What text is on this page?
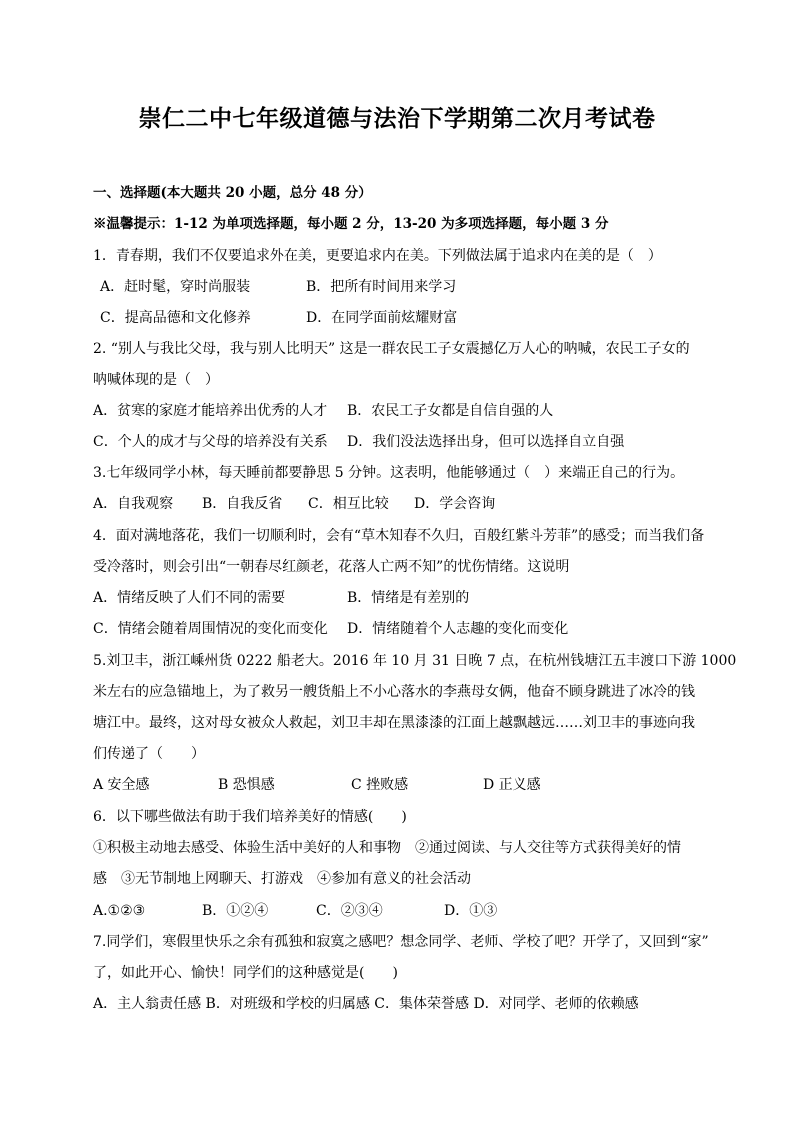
崇仁二中七年级道德与法治下学期第二次月考试卷
一、选择题(本大题共 20 小题，总分 48 分）
※温馨提示：1-12 为单项选择题，每小题 2 分，13-20 为多项选择题，每小题 3 分
1．青春期，我们不仅要追求外在美，更要追求内在美。下列做法属于追求内在美的是（　）
A．赶时髦，穿时尚服装	B．把所有时间用来学习
C．提高品德和文化修养	D．在同学面前炫耀财富
2. “别人与我比父母，我与别人比明天” 这是一群农民工子女震撼亿万人心的呐喊，农民工子女的
呐喊体现的是（　）
A．贫寒的家庭才能培养出优秀的人才 B．农民工子女都是自信自强的人
C．个人的成才与父母的培养没有关系 D．我们没法选择出身，但可以选择自立自强
3.七年级同学小林，每天睡前都要静思 5 分钟。这表明，他能够通过（　）来端正自己的行为。
A．自我观察 B．自我反省 C．相互比较 D．学会咨询
4．面对满地落花，我们一切顺利时，会有“草木知春不久归，百般红紫斗芳菲”的感受；而当我们备
受冷落时，则会引出“一朝春尽红颜老，花落人亡两不知”的忧伤情绪。这说明
A．情绪反映了人们不同的需要	B．情绪是有差别的
C．情绪会随着周围情况的变化而变化 D．情绪随着个人志趣的变化而变化
5.刘卫丰，浙江嵊州货 0222 船老大。2016 年 10 月 31 日晚 7 点，在杭州钱塘江五丰渡口下游 1000
米左右的应急锚地上，为了救另一艘货船上不小心落水的李燕母女俩，他奋不顾身跳进了冰冷的钱
塘江中。最终，这对母女被众人救起，刘卫丰却在黑漆漆的江面上越飘越远……刘卫丰的事迹向我
们传递了（　　）
A 安全感	B 恐惧感	C 挫败感	D 正义感
6．以下哪些做法有助于我们培养美好的情感(　　)
①积极主动地去感受、体验生活中美好的人和事物　②通过阅读、与人交往等方式获得美好的情
感　③无节制地上网聊天、打游戏　④参加有意义的社会活动
A.①②③	B．①②④	C．②③④	D．①③
7.同学们，寒假里快乐之余有孤独和寂寞之感吧？想念同学、老师、学校了吧？开学了，又回到“家”
了，如此开心、愉快！同学们的这种感觉是(　　)
A．主人翁责任感 B．对班级和学校的归属感 C．集体荣誉感 D．对同学、老师的依赖感
